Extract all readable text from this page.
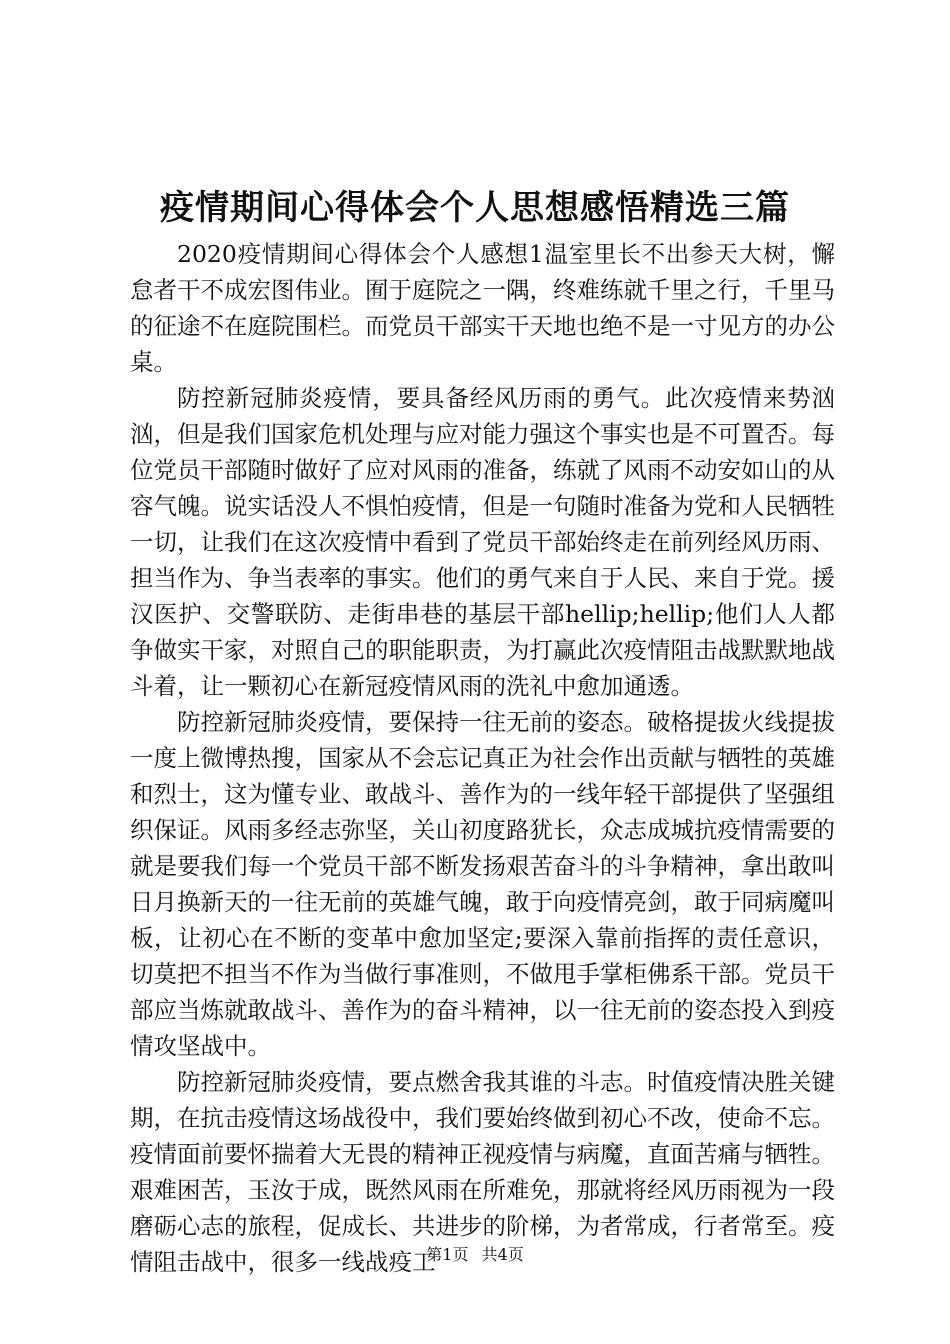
疫情期间心得体会个人思想感悟精选三篇

2020疫情期间心得体会个人感想1温室里长不出参天大树，懈怠者干不成宏图伟业。囿于庭院之一隅，终难练就千里之行，千里马的征途不在庭院围栏。而党员干部实干天地也绝不是一寸见方的办公桌。

防控新冠肺炎疫情，要具备经风历雨的勇气。此次疫情来势汹汹，但是我们国家危机处理与应对能力强这个事实也是不可置否。每位党员干部随时做好了应对风雨的准备，练就了风雨不动安如山的从容气魄。说实话没人不惧怕疫情，但是一句随时准备为党和人民牺牲一切，让我们在这次疫情中看到了党员干部始终走在前列经风历雨、担当作为、争当表率的事实。他们的勇气来自于人民、来自于党。援汉医护、交警联防、走街串巷的基层干部hellip;hellip;他们人人都争做实干家，对照自己的职能职责，为打赢此次疫情阻击战默默地战斗着，让一颗初心在新冠疫情风雨的洗礼中愈加通透。

防控新冠肺炎疫情，要保持一往无前的姿态。破格提拔火线提拔一度上微博热搜，国家从不会忘记真正为社会作出贡献与牺牲的英雄和烈士，这为懂专业、敢战斗、善作为的一线年轻干部提供了坚强组织保证。风雨多经志弥坚，关山初度路犹长，众志成城抗疫情需要的就是要我们每一个党员干部不断发扬艰苦奋斗的斗争精神，拿出敢叫日月换新天的一往无前的英雄气魄，敢于向疫情亮剑，敢于同病魔叫板，让初心在不断的变革中愈加坚定;要深入靠前指挥的责任意识，切莫把不担当不作为当做行事准则，不做甩手掌柜佛系干部。党员干部应当炼就敢战斗、善作为的奋斗精神，以一往无前的姿态投入到疫情攻坚战中。

防控新冠肺炎疫情，要点燃舍我其谁的斗志。时值疫情决胜关键期，在抗击疫情这场战役中，我们要始终做到初心不改，使命不忘。疫情面前要怀揣着大无畏的精神正视疫情与病魔，直面苦痛与牺牲。艰难困苦，玉汝于成，既然风雨在所难免，那就将经风历雨视为一段磨砺心志的旅程，促成长、共进步的阶梯，为者常成，行者常至。疫情阻击战中，很多一线战疫工

第1页 共4页
